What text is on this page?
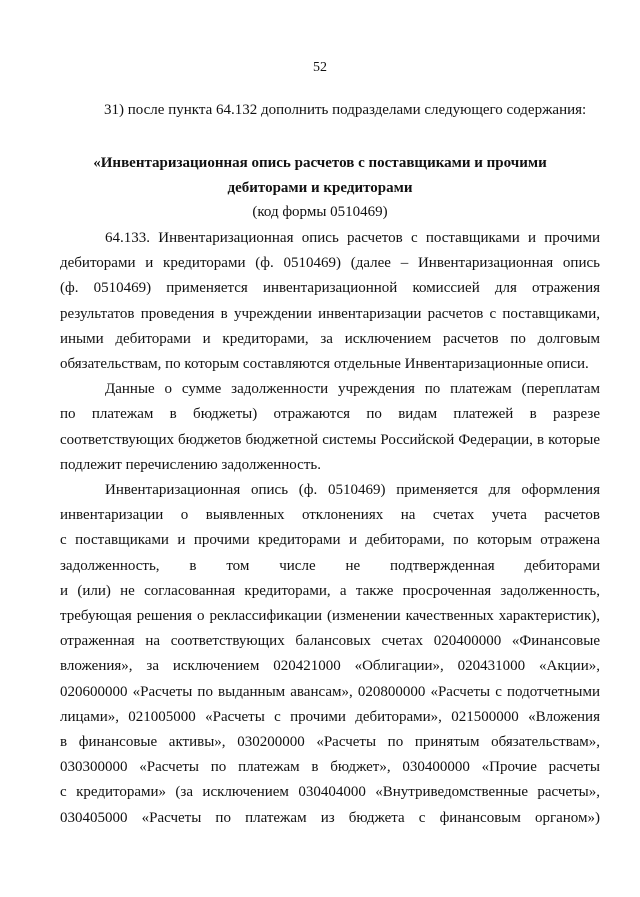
52
31) после пункта 64.132 дополнить подразделами следующего содержания:
«Инвентаризационная опись расчетов с поставщиками и прочими
дебиторами и кредиторами
(код формы 0510469)
64.133. Инвентаризационная опись расчетов с поставщиками и прочими
дебиторами и кредиторами (ф. 0510469) (далее – Инвентаризационная опись
(ф. 0510469) применяется инвентаризационной комиссией для отражения
результатов проведения в учреждении инвентаризации расчетов с поставщиками,
иными дебиторами и кредиторами, за исключением расчетов по долговым
обязательствам, по которым составляются отдельные Инвентаризационные описи.
Данные о сумме задолженности учреждения по платежам (переплатам
по платежам в бюджеты) отражаются по видам платежей в разрезе
соответствующих бюджетов бюджетной системы Российской Федерации, в которые
подлежит перечислению задолженность.
Инвентаризационная опись (ф. 0510469) применяется для оформления
инвентаризации о выявленных отклонениях на счетах учета расчетов
с поставщиками и прочими кредиторами и дебиторами, по которым отражена
задолженность, в том числе не подтвержденная дебиторами
и (или) не согласованная кредиторами, а также просроченная задолженность,
требующая решения о реклассификации (изменении качественных характеристик),
отраженная на соответствующих балансовых счетах 020400000 «Финансовые
вложения», за исключением 020421000 «Облигации», 020431000 «Акции»,
020600000 «Расчеты по выданным авансам», 020800000 «Расчеты с подотчетными
лицами», 021005000 «Расчеты с прочими дебиторами», 021500000 «Вложения
в финансовые активы», 030200000 «Расчеты по принятым обязательствам»,
030300000 «Расчеты по платежам в бюджет», 030400000 «Прочие расчеты
с кредиторами» (за исключением 030404000 «Внутриведомственные расчеты»,
030405000 «Расчеты по платежам из бюджета с финансовым органом»)
